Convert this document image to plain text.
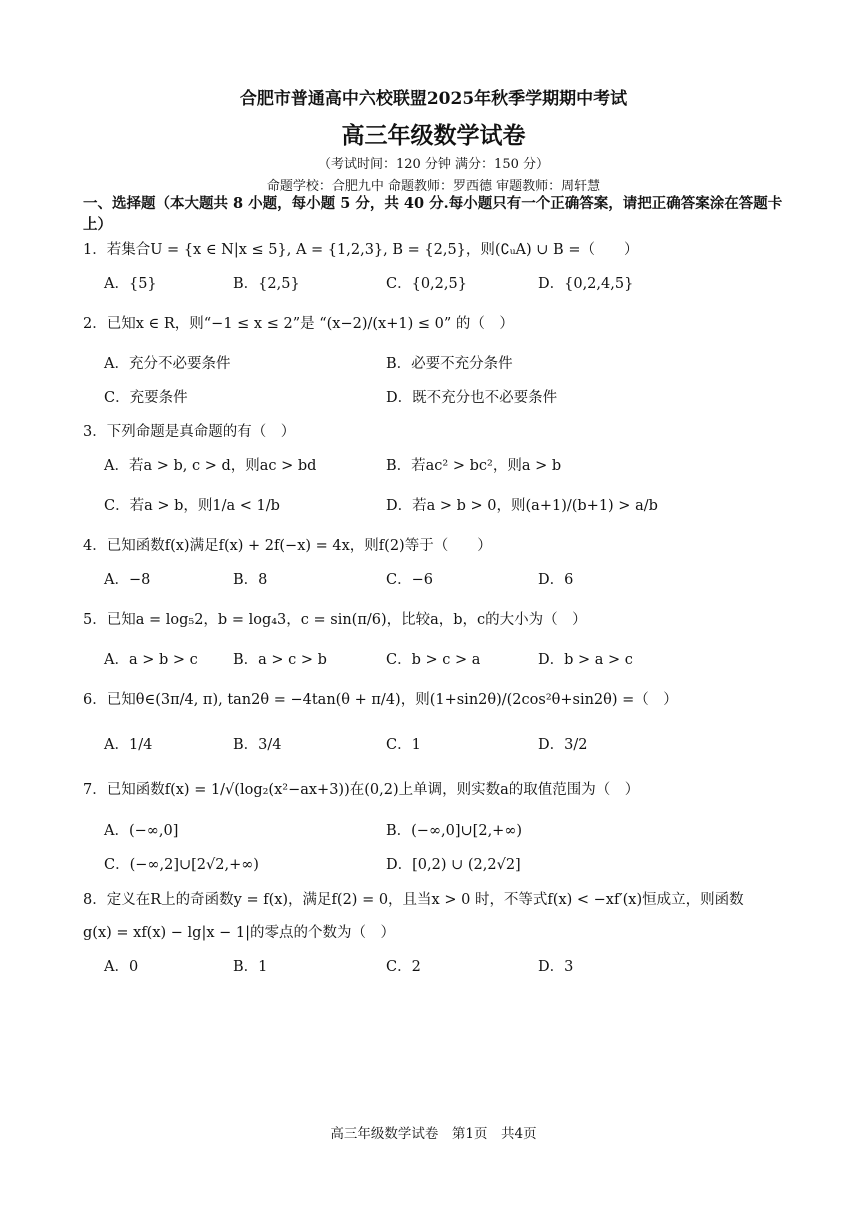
合肥市普通高中六校联盟2025年秋季学期期中考试
高三年级数学试卷
（考试时间：120 分钟 满分：150 分）
命题学校：合肥九中 命题教师：罗西德 审题教师：周轩慧
一、选择题（本大题共 8 小题，每小题 5 分，共 40 分.每小题只有一个正确答案，请把正确答案涂在答题卡上）
1．若集合U = {x ∈ N|x ≤ 5}, A = {1,2,3}, B = {2,5}，则(∁ᵤA) ∪ B =（　　）
A．{5}	B．{2,5}	C．{0,2,5}	D．{0,2,4,5}
2．已知x ∈ R，则“−1 ≤ x ≤ 2”是 “(x−2)/(x+1) ≤ 0” 的（　）
A．充分不必要条件	B．必要不充分条件
C．充要条件	D．既不充分也不必要条件
3．下列命题是真命题的有（　）
A．若a > b, c > d，则ac > bd	B．若ac² > bc²，则a > b
C．若a > b，则1/a < 1/b	D．若a > b > 0，则(a+1)/(b+1) > a/b
4．已知函数f(x)满足f(x) + 2f(−x) = 4x，则f(2)等于（　　）
A．−8	B．8	C．−6	D．6
5．已知a = log₅2，b = log₄3，c = sin(π/6)，比较a，b，c的大小为（　）
A．a > b > c B．a > c > b	C．b > c > a	D．b > a > c
6．已知θ∈(3π/4, π), tan2θ = −4tan(θ + π/4)，则(1+sin2θ)/(2cos²θ+sin2θ) =（　）
A．1/4	B．3/4	C．1	D．3/2
7．已知函数f(x) = 1/√(log₂(x²−ax+3))在(0,2)上单调，则实数a的取值范围为（　）
A．(−∞,0]	B．(−∞,0]∪[2,+∞)
C．(−∞,2]∪[2√2,+∞)	D．[0,2) ∪ (2,2√2]
8．定义在R上的奇函数y = f(x)，满足f(2) = 0，且当x > 0 时，不等式f(x) < −xf′(x)恒成立，则函数
g(x) = xf(x) − lg|x − 1|的零点的个数为（　）
A．0	B．1	C．2	D．3
高三年级数学试卷　第1页　共4页
